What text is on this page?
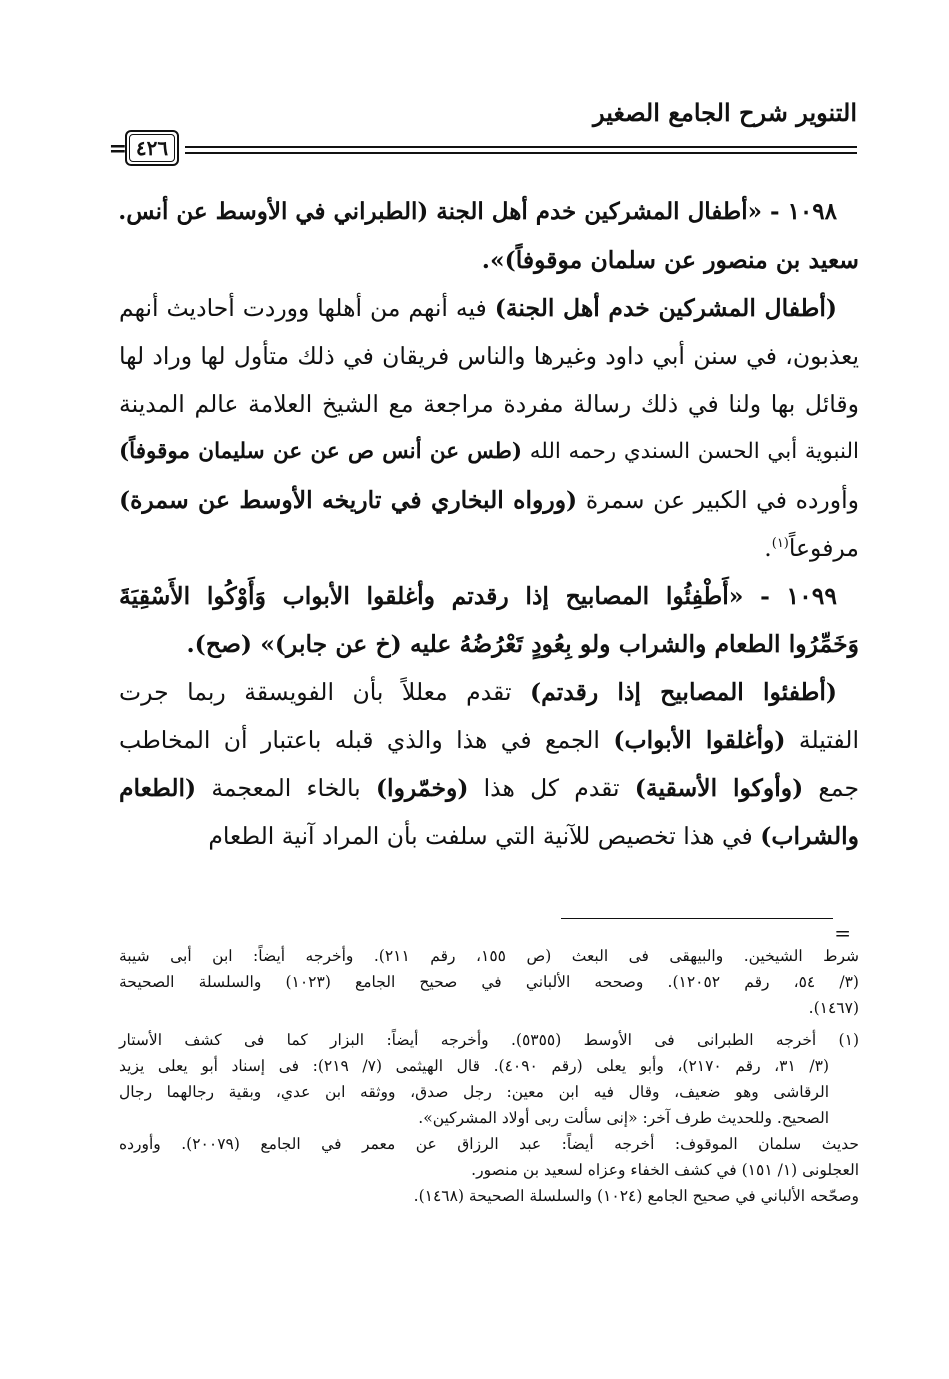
التنوير شرح الجامع الصغير
٤٢٦
=
١٠٩٨ - «أطفال المشركين خدم أهل الجنة (الطبراني في الأوسط عن أنس.
سعيد بن منصور عن سلمان موقوفاً)».
(أطفال المشركين خدم أهل الجنة) فيه أنهم من أهلها ووردت أحاديث أنهم
يعذبون، في سنن أبي داود وغيرها والناس فريقان في ذلك متأول لها وراد لها
وقائل بها ولنا في ذلك رسالة مفردة مراجعة مع الشيخ العلامة عالم المدينة
النبوية أبي الحسن السندي رحمه الله (طس عن أنس ص عن عن سليمان موقوفاً)
وأورده في الكبير عن سمرة (ورواه البخاري في تاريخه الأوسط عن سمرة)
مرفوعاً$^{(١)}$.
١٠٩٩ - «أَطْفِئُوا المصابيح إذا رقدتم وأغلقوا الأبواب وَأَوْكُوا الأَسْقِيَةَ
وَخَمِّرُوا الطعام والشراب ولو بِعُودٍ تَعْرُضُهُ عليه (خ عن جابر)» (صح).
(أطفئوا المصابيح إذا رقدتم) تقدم معللاً بأن الفويسقة ربما جرت
الفتيلة (وأغلقوا الأبواب) الجمع في هذا والذي قبله باعتبار أن المخاطب
جمع (وأوكوا الأسقية) تقدم كل هذا (وخمّروا) بالخاء المعجمة (الطعام
والشراب) في هذا تخصيص للآنية التي سلفت بأن المراد آنية الطعام
=
شرط الشيخين. والبيهقى فى البعث (ص ١٥٥، رقم ٢١١). وأخرجه أيضاً: ابن أبى شيبة
(٣/ ٥٤، رقم ١٢٠٥٢). وصححه الألباني في صحيح الجامع (١٠٢٣) والسلسلة الصحيحة
(١٤٦٧).
(١) أخرجه الطبرانى فى الأوسط (٥٣٥٥). وأخرجه أيضاً: البزار كما فى كشف الأستار
(٣/ ٣١، رقم ٢١٧٠)، وأبو يعلى (رقم ٤٠٩٠). قال الهيثمى (٧/ ٢١٩): فى إسناد أبو يعلى يزيد
الرقاشى وهو ضعيف، وقال فيه ابن معين: رجل صدق، ووثقه ابن عدي، وبقية رجالهما رجال
الصحيح. وللحديث طرف آخر: «إنى سألت ربى أولاد المشركين».
حديث سلمان الموقوف: أخرجه أيضاً: عبد الرزاق عن معمر في الجامع (٢٠٠٧٩). وأورده
العجلونى (١/ ١٥١) في كشف الخفاء وعزاه لسعيد بن منصور.
وصحّحه الألباني في صحيح الجامع (١٠٢٤) والسلسلة الصحيحة (١٤٦٨).
